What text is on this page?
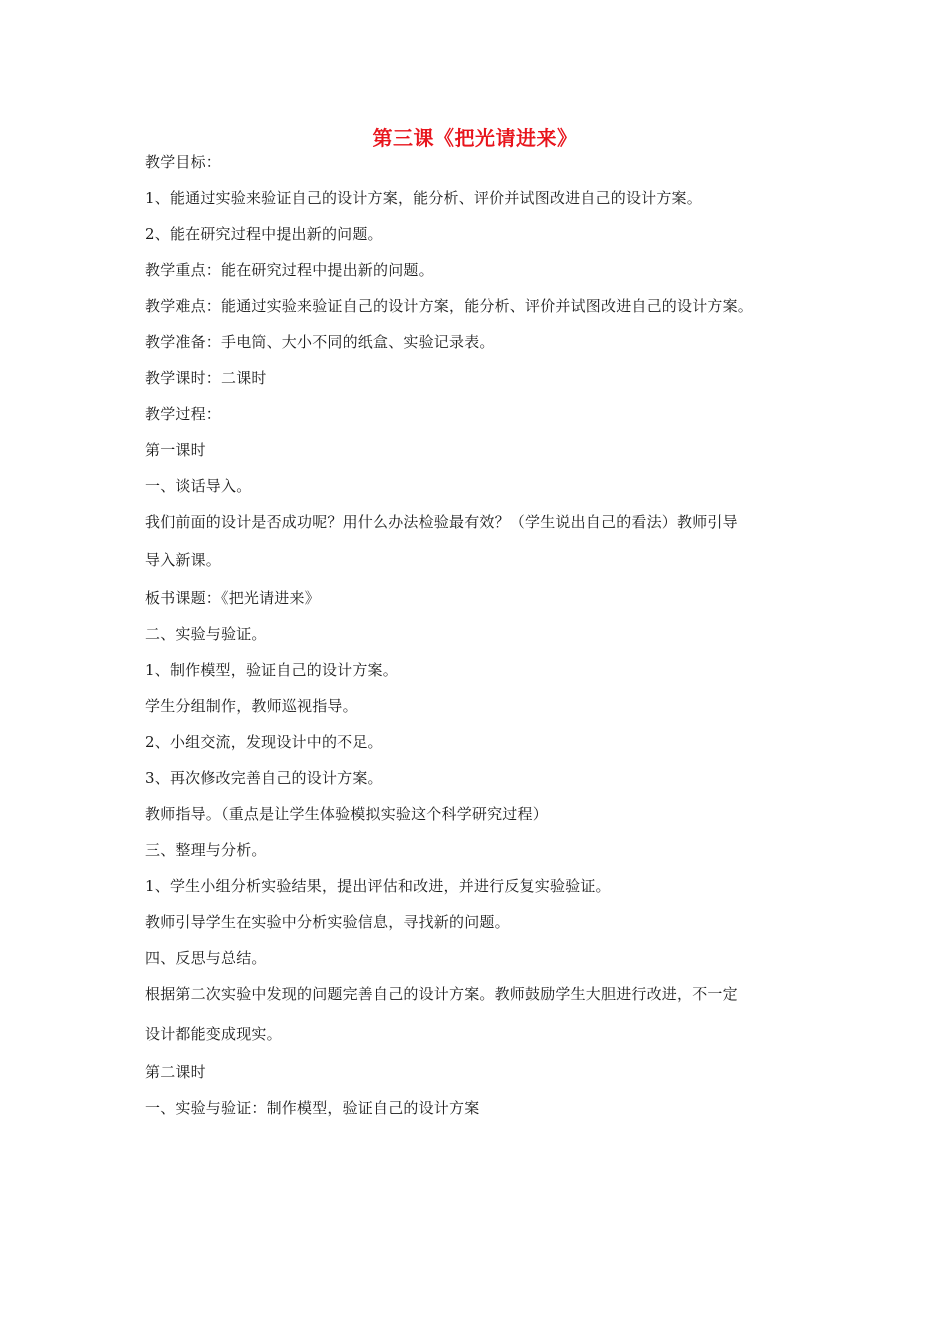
第三课《把光请进来》
教学目标：
1、能通过实验来验证自己的设计方案，能分析、评价并试图改进自己的设计方案。
2、能在研究过程中提出新的问题。
教学重点：能在研究过程中提出新的问题。
教学难点：能通过实验来验证自己的设计方案，能分析、评价并试图改进自己的设计方案。
教学准备：手电筒、大小不同的纸盒、实验记录表。
教学课时：二课时
教学过程：
第一课时
一、谈话导入。
我们前面的设计是否成功呢？用什么办法检验最有效？（学生说出自己的看法）教师引导
导入新课。
板书课题：《把光请进来》
二、实验与验证。
1、制作模型，验证自己的设计方案。
学生分组制作，教师巡视指导。
2、小组交流，发现设计中的不足。
3、再次修改完善自己的设计方案。
教师指导。（重点是让学生体验模拟实验这个科学研究过程）
三、整理与分析。
1、学生小组分析实验结果，提出评估和改进，并进行反复实验验证。
教师引导学生在实验中分析实验信息，寻找新的问题。
四、反思与总结。
根据第二次实验中发现的问题完善自己的设计方案。教师鼓励学生大胆进行改进，不一定
设计都能变成现实。
第二课时
一、实验与验证：制作模型，验证自己的设计方案
